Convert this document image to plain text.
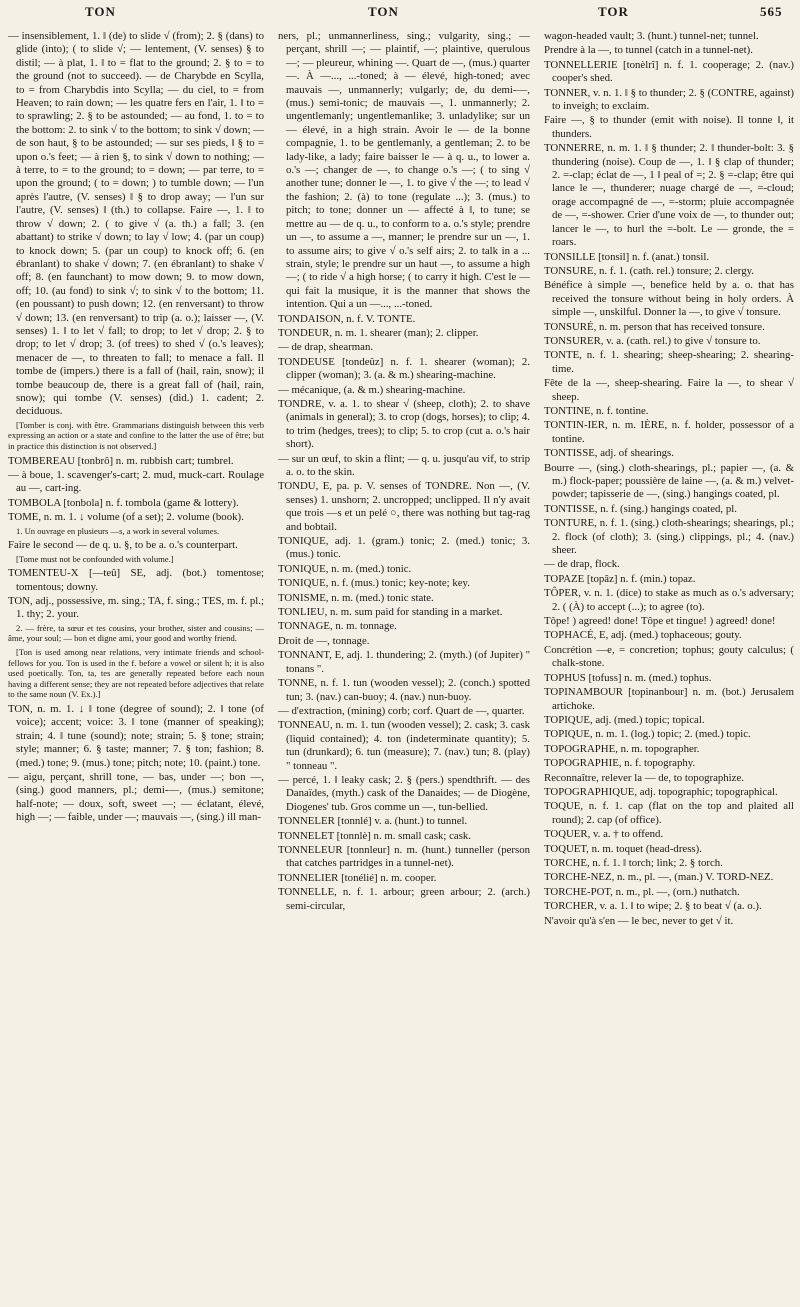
TON	TON	TOR	565

— insensiblement, 1. ‖ (de) to slide √ (from); 2. § (dans) to glide (into); ( to slide √; — lentement, (V. senses) § to distil; — à plat, 1. ‖ to = flat to the ground; 2. § to = to the ground (not to succeed). — de Charybde en Scylla, to = from Charybdis into Scylla; — du ciel, to = from Heaven; to rain down; — les quatre fers en l'air, 1. ‖ to = to sprawling; 2. § to be astounded; — au fond, 1. to = to the bottom: 2. to sink √ to the bottom; to sink √ down; — de son haut, § to be astounded; — sur ses pieds, ‖ § to = upon o.'s feet; — à rien §, to sink √ down to nothing; — à terre, to = to the ground; to = down; — par terre, to = upon the ground; ( to = down; ) to tumble down; — l'un après l'autre, (V. senses) ‖ § to drop away; — l'un sur l'autre, (V. senses) ‖ (th.) to collapse. Faire —, 1. ‖ to throw √ down; 2. ( to give √ (a. th.) a fall; 3. (en abattant) to strike √ down; to lay √ low; 4. (par un coup) to knock down; 5. (par un coup) to knock off; 6. (en ébranlant) to shake √ down; 7. (en ébranlant) to shake √ off; 8. (en faunchant) to mow down; 9. to mow down, off; 10. (au fond) to sink √; to sink √ to the bottom; 11. (en poussant) to push down; 12. (en renversant) to throw √ down; 13. (en renversant) to trip (a. o.); laisser —, (V. senses) 1. ‖ to let √ fall; to drop; to let √ drop; 2. § to drop; to let √ drop; 3. (of trees) to shed √ (o.'s leaves); menacer de —, to threaten to fall; to menace a fall. Il tombe de (impers.) there is a fall of (hail, rain, snow); il tombe beaucoup de, there is a great fall of (hail, rain, snow); qui tombe (V. senses) (did.) 1. cadent; 2. deciduous.

[Tomber is conj. with être. Grammarians distinguish between this verb expressing an action or a state and confine to the latter the use of être; but in practice this distinction is not observed.]

TOMBEREAU [tonbrô] n. m. rubbish cart; tumbrel.

— à boue, 1. scavenger's-cart; 2. mud, muck-cart. Roulage au —, cart-ing.

TOMBOLA [tonbola] n. f. tombola (game & lottery).

TOME, n. m. 1. ↓ volume (of a set); 2. volume (book).

1. Un ouvrage en plusieurs —s, a work in several volumes.

Faire le second — de q. u. §, to be a. o.'s counterpart.

[Tome must not be confounded with volume.]

TOMENTEU-X [—teû] SE, adj. (bot.) tomentose; tomentous; downy.

TON, adj., possessive, m. sing.; TA, f. sing.; TES, m. f. pl.; 1. thy; 2. your.

2. — frère, ta sœur et tes cousins, your brother, sister and cousins; — âme, your soul; — bon et digne ami, your good and worthy friend.

[Ton is used among near relations, very intimate friends and school-fellows for you. Ton is used in the f. before a vowel or silent h; it is also used poetically. Ton, ta, tes are generally repeated before each noun having a different sense; they are not repeated before adjectives that relate to the same noun (V. Ex.).]

TON, n. m. 1. ↓ ‖ tone (degree of sound); 2. ‖ tone (of voice); accent; voice: 3. ‖ tone (manner of speaking); strain; 4. ‖ tune (sound); note; strain; 5. § tone; strain; style; manner; 6. § taste; manner; 7. § ton; fashion; 8. (med.) tone; 9. (mus.) tone; pitch; note; 10. (paint.) tone.

— aigu, perçant, shrill tone, — bas, under —; bon —, (sing.) good manners, pl.; demi-—, (mus.) semitone; half-note; — doux, soft, sweet —; — éclatant, élevé, high —; — faible, under —; mauvais —, (sing.) ill man-

ners, pl.; unmannerliness, sing.; vulgarity, sing.; — perçant, shrill —; — plaintif, —; plaintive, querulous —; — pleureur, whining —. Quart de —, (mus.) quarter —. À —..., ...-toned; à — élevé, high-toned; avec mauvais —, unmannerly; vulgarly; de, du demi-—, (mus.) semi-tonic; de mauvais —, 1. unmannerly; 2. ungentlemanly; ungentlemanlike; 3. unladylike; sur un — élevé, in a high strain. Avoir le — de la bonne compagnie, 1. to be gentlemanly, a gentleman; 2. to be lady-like, a lady; faire baisser le — à q. u., to lower a. o.'s —; changer de —, to change o.'s —; ( to sing √ another tune; donner le —, 1. to give √ the —; to lead √ the fashion; 2. (à) to tone (regulate ...); 3. (mus.) to pitch; to tone; donner un — affecté à ‖, to tune; se mettre au — de q. u., to conform to a. o.'s style; prendre un —, to assume a —, manner; le prendre sur un —, 1. to assume airs; to give √ o.'s self airs; 2. to talk in a ... strain, style; le prendre sur un haut —, to assume a high —; ( to ride √ a high horse; ( to carry it high. C'est le — qui fait la musique, it is the manner that shows the intention. Qui a un —..., ...-toned.

TONDAISON, n. f. V. TONTE.

TONDEUR, n. m. 1. shearer (man); 2. clipper.

— de drap, shearman.

TONDEUSE [tondeûz] n. f. 1. shearer (woman); 2. clipper (woman); 3. (a. & m.) shearing-machine.

— mécanique, (a. & m.) shearing-machine.

TONDRE, v. a. 1. to shear √ (sheep, cloth); 2. to shave (animals in general); 3. to crop (dogs, horses); to clip; 4. to trim (hedges, trees); to clip; 5. to crop (cut a. o.'s hair short).

— sur un œuf, to skin a flint; — q. u. jusqu'au vif, to strip a. o. to the skin.

TONDU, E, pa. p. V. senses of TONDRE. Non —, (V. senses) 1. unshorn; 2. uncropped; unclipped. Il n'y avait que trois —s et un pelé ○, there was nothing but tag-rag and bobtail.

TONIQUE, adj. 1. (gram.) tonic; 2. (med.) tonic; 3. (mus.) tonic.

TONIQUE, n. m. (med.) tonic.

TONIQUE, n. f. (mus.) tonic; key-note; key.

TONISME, n. m. (med.) tonic state.

TONLIEU, n. m. sum paid for standing in a market.

TONNAGE, n. m. tonnage.

Droit de —, tonnage.

TONNANT, E, adj. 1. thundering; 2. (myth.) (of Jupiter) " tonans ".

TONNE, n. f. 1. tun (wooden vessel); 2. (conch.) spotted tun; 3. (nav.) can-buoy; 4. (nav.) nun-buoy.

— d'extraction, (mining) corb; corf. Quart de —, quarter.

TONNEAU, n. m. 1. tun (wooden vessel); 2. cask; 3. cask (liquid contained); 4. ton (indeterminate quantity); 5. tun (drunkard); 6. tun (measure); 7. (nav.) tun; 8. (play) " tonneau ".

— percé, 1. ‖ leaky cask; 2. § (pers.) spendthrift. — des Danaïdes, (myth.) cask of the Danaides; — de Diogène, Diogenes' tub. Gros comme un —, tun-bellied.

TONNELER [tonnlé] v. a. (hunt.) to tunnel.

TONNELET [tonnlè] n. m. small cask; cask.

TONNELEUR [tonnleur] n. m. (hunt.) tunneller (person that catches partridges in a tunnel-net).

TONNELIER [tonélié] n. m. cooper.

TONNELLE, n. f. 1. arbour; green arbour; 2. (arch.) semi-circular,

wagon-headed vault; 3. (hunt.) tunnel-net; tunnel.

Prendre à la —, to tunnel (catch in a tunnel-net).

TONNELLERIE [tonèlrî] n. f. 1. cooperage; 2. (nav.) cooper's shed.

TONNER, v. n. 1. ‖ § to thunder; 2. § (CONTRE, against) to inveigh; to exclaim.

Faire —, § to thunder (emit with noise). Il tonne ‖, it thunders.

TONNERRE, n. m. 1. ‖ § thunder; 2. ‖ thunder-bolt: 3. § thundering (noise). Coup de —, 1. ‖ § clap of thunder; 2. =-clap; éclat de —, 1 ‖ peal of =; 2. § =-clap; être qui lance le —, thunderer; nuage chargé de —, =-cloud; orage accompagné de —, =-storm; pluie accompagnée de —, =-shower. Crier d'une voix de —, to thunder out; lancer le —, to hurl the =-bolt. Le — gronde, the = roars.

TONSILLE [tonsil] n. f. (anat.) tonsil.

TONSURE, n. f. 1. (cath. rel.) tonsure; 2. clergy.

Bénéfice à simple —, benefice held by a. o. that has received the tonsure without being in holy orders. À simple —, unskilful. Donner la —, to give √ tonsure.

TONSURÉ, n. m. person that has received tonsure.

TONSURER, v. a. (cath. rel.) to give √ tonsure to.

TONTE, n. f. 1. shearing; sheep-shearing; 2. shearing-time.

Fête de la —, sheep-shearing. Faire la —, to shear √ sheep.

TONTINE, n. f. tontine.

TONTIN-IER, n. m. IÈRE, n. f. holder, possessor of a tontine.

TONTISSE, adj. of shearings.

Bourre —, (sing.) cloth-shearings, pl.; papier —, (a. & m.) flock-paper; poussière de laine —, (a. & m.) velvet-powder; tapisserie de —, (sing.) hangings coated, pl.

TONTISSE, n. f. (sing.) hangings coated, pl.

TONTURE, n. f. 1. (sing.) cloth-shearings; shearings, pl.; 2. flock (of cloth); 3. (sing.) clippings, pl.; 4. (nav.) sheer.

— de drap, flock.

TOPAZE [topâz] n. f. (min.) topaz.

TÔPER, v. n. 1. (dice) to stake as much as o.'s adversary; 2. ( (À) to accept (...); to agree (to).

Tôpe! ) agreed! done! Tôpe et tingue! ) agreed! done!

TOPHACÉ, E, adj. (med.) tophaceous; gouty.

Concrétion —e, = concretion; tophus; gouty calculus; ( chalk-stone.

TOPHUS [tofuss] n. m. (med.) tophus.

TOPINAMBOUR [topinanbour] n. m. (bot.) Jerusalem artichoke.

TOPIQUE, adj. (med.) topic; topical.

TOPIQUE, n. m. 1. (log.) topic; 2. (med.) topic.

TOPOGRAPHE, n. m. topographer.

TOPOGRAPHIE, n. f. topography.

Reconnaître, relever la — de, to topographize.

TOPOGRAPHIQUE, adj. topographic; topographical.

TOQUE, n. f. 1. cap (flat on the top and plaited all round); 2. cap (of office).

TOQUER, v. a. † to offend.

TOQUET, n. m. toquet (head-dress).

TORCHE, n. f. 1. ‖ torch; link; 2. § torch.

TORCHE-NEZ, n. m., pl. —, (man.) V. TORD-NEZ.

TORCHE-POT, n. m., pl. —, (orn.) nuthatch.

TORCHER, v. a. 1. ‖ to wipe; 2. § to beat √ (a. o.).

N'avoir qu'à s'en — le bec, never to get √ it.
